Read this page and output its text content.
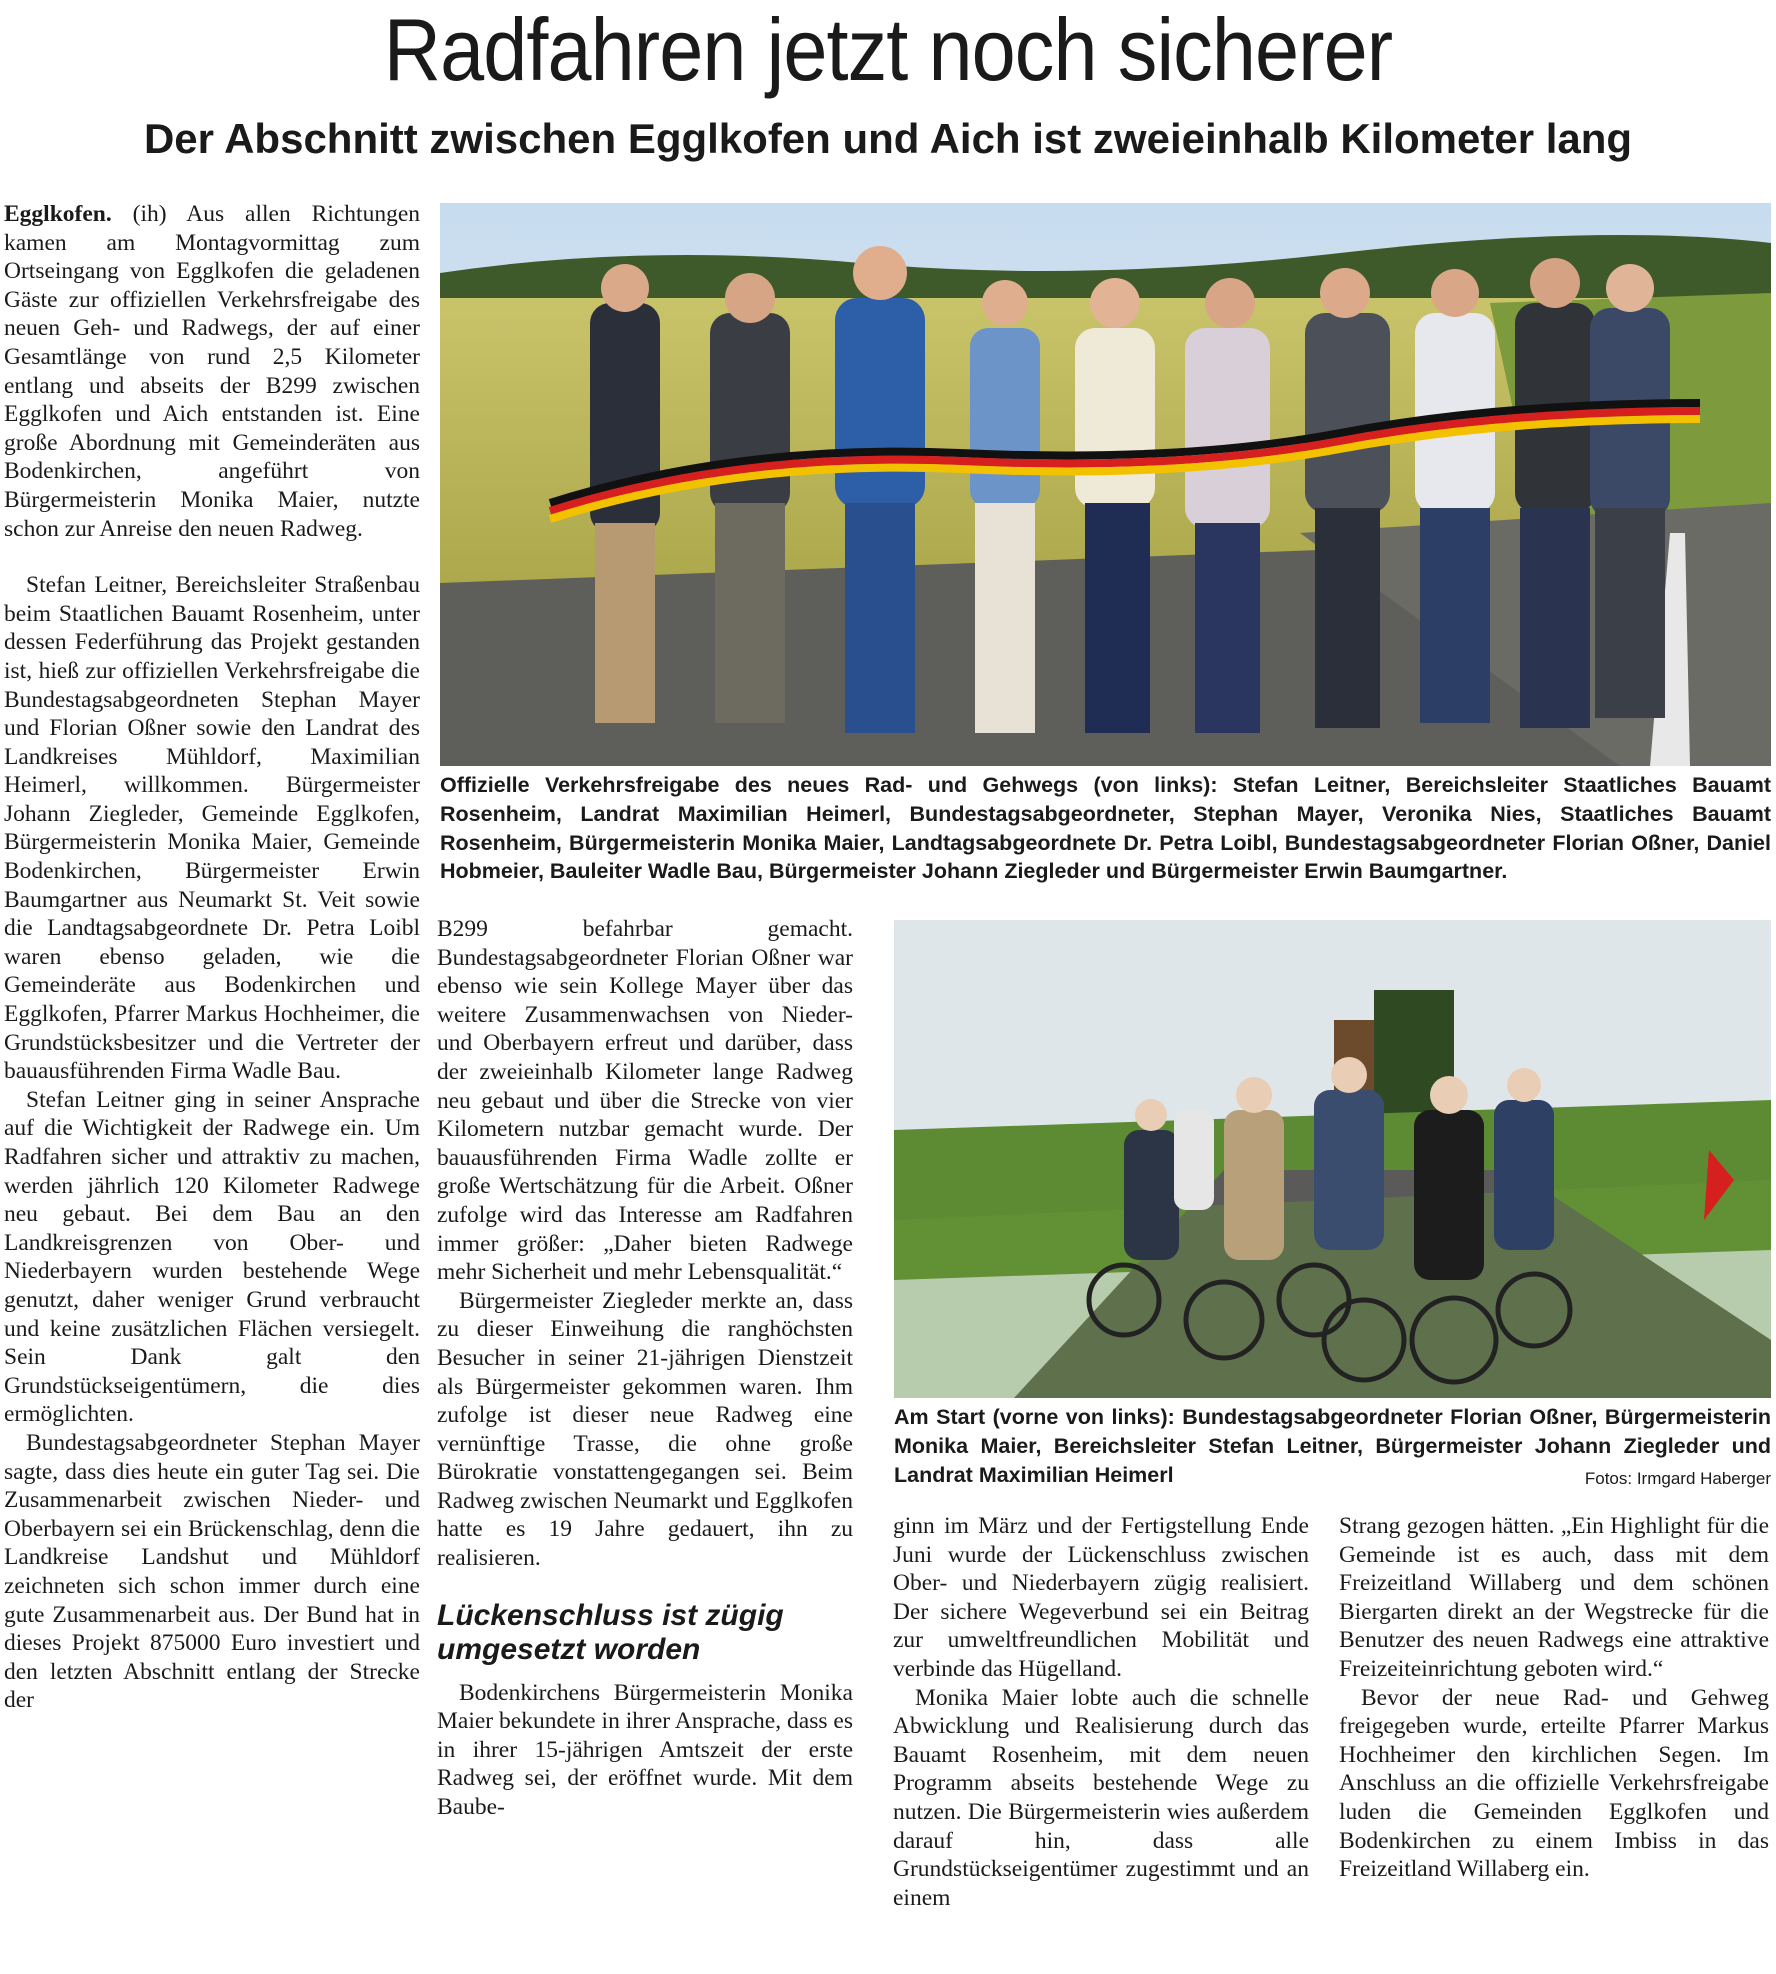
Radfahren jetzt noch sicherer
Der Abschnitt zwischen Egglkofen und Aich ist zweieinhalb Kilometer lang

Egglkofen. (ih) Aus allen Richtungen kamen am Montagvormittag zum Ortseingang von Egglkofen die geladenen Gäste zur offiziellen Verkehrsfreigabe des neuen Geh- und Radwegs, der auf einer Gesamtlänge von rund 2,5 Kilometer entlang und abseits der B299 zwischen Egglkofen und Aich entstanden ist. Eine große Abordnung mit Gemeinderäten aus Bodenkirchen, angeführt von Bürgermeisterin Monika Maier, nutzte schon zur Anreise den neuen Radweg.

Stefan Leitner, Bereichsleiter Straßenbau beim Staatlichen Bauamt Rosenheim, unter dessen Federführung das Projekt gestanden ist, hieß zur offiziellen Verkehrsfreigabe die Bundestagsabgeordneten Stephan Mayer und Florian Oßner sowie den Landrat des Landkreises Mühldorf, Maximilian Heimerl, willkommen. Bürgermeister Johann Ziegleder, Gemeinde Egglkofen, Bürgermeisterin Monika Maier, Gemeinde Bodenkirchen, Bürgermeister Erwin Baumgartner aus Neumarkt St. Veit sowie die Landtagsabgeordnete Dr. Petra Loibl waren ebenso geladen, wie die Gemeinderäte aus Bodenkirchen und Egglkofen, Pfarrer Markus Hochheimer, die Grundstücksbesitzer und die Vertreter der bauausführenden Firma Wadle Bau.

Stefan Leitner ging in seiner Ansprache auf die Wichtigkeit der Radwege ein. Um Radfahren sicher und attraktiv zu machen, werden jährlich 120 Kilometer Radwege neu gebaut. Bei dem Bau an den Landkreisgrenzen von Ober- und Niederbayern wurden bestehende Wege genutzt, daher weniger Grund verbraucht und keine zusätzlichen Flächen versiegelt. Sein Dank galt den Grundstückseigentümern, die dies ermöglichten.

Bundestagsabgeordneter Stephan Mayer sagte, dass dies heute ein guter Tag sei. Die Zusammenarbeit zwischen Nieder- und Oberbayern sei ein Brückenschlag, denn die Landkreise Landshut und Mühldorf zeichneten sich schon immer durch eine gute Zusammenarbeit aus. Der Bund hat in dieses Projekt 875000 Euro investiert und den letzten Abschnitt entlang der Strecke der

Offizielle Verkehrsfreigabe des neues Rad- und Gehwegs (von links): Stefan Leitner, Bereichsleiter Staatliches Bauamt Rosenheim, Landrat Maximilian Heimerl, Bundestagsabgeordneter, Stephan Mayer, Veronika Nies, Staatliches Bauamt Rosenheim, Bürgermeisterin Monika Maier, Landtagsabgeordnete Dr. Petra Loibl, Bundestagsabgeordneter Florian Oßner, Daniel Hobmeier, Bauleiter Wadle Bau, Bürgermeister Johann Ziegleder und Bürgermeister Erwin Baumgartner.

B299 befahrbar gemacht. Bundestagsabgeordneter Florian Oßner war ebenso wie sein Kollege Mayer über das weitere Zusammenwachsen von Nieder- und Oberbayern erfreut und darüber, dass der zweieinhalb Kilometer lange Radweg neu gebaut und über die Strecke von vier Kilometern nutzbar gemacht wurde. Der bauausführenden Firma Wadle zollte er große Wertschätzung für die Arbeit. Oßner zufolge wird das Interesse am Radfahren immer größer: „Daher bieten Radwege mehr Sicherheit und mehr Lebensqualität.“

Bürgermeister Ziegleder merkte an, dass zu dieser Einweihung die ranghöchsten Besucher in seiner 21-jährigen Dienstzeit als Bürgermeister gekommen waren. Ihm zufolge ist dieser neue Radweg eine vernünftige Trasse, die ohne große Bürokratie vonstattengegangen sei. Beim Radweg zwischen Neumarkt und Egglkofen hatte es 19 Jahre gedauert, ihn zu realisieren.

Lückenschluss ist zügig
umgesetzt worden

Bodenkirchens Bürgermeisterin Monika Maier bekundete in ihrer Ansprache, dass es in ihrer 15-jährigen Amtszeit der erste Radweg sei, der eröffnet wurde. Mit dem Baube-

Am Start (vorne von links): Bundestagsabgeordneter Florian Oßner, Bürgermeisterin Monika Maier, Bereichsleiter Stefan Leitner, Bürgermeister Johann Ziegleder und Landrat Maximilian Heimerl	Fotos: Irmgard Haberger

ginn im März und der Fertigstellung Ende Juni wurde der Lückenschluss zwischen Ober- und Niederbayern zügig realisiert. Der sichere Wegeverbund sei ein Beitrag zur umweltfreundlichen Mobilität und verbinde das Hügelland.

Monika Maier lobte auch die schnelle Abwicklung und Realisierung durch das Bauamt Rosenheim, mit dem neuen Programm abseits bestehende Wege zu nutzen. Die Bürgermeisterin wies außerdem darauf hin, dass alle Grundstückseigentümer zugestimmt und an einem

Strang gezogen hätten. „Ein Highlight für die Gemeinde ist es auch, dass mit dem Freizeitland Willaberg und dem schönen Biergarten direkt an der Wegstrecke für die Benutzer des neuen Radwegs eine attraktive Freizeiteinrichtung geboten wird.“

Bevor der neue Rad- und Gehweg freigegeben wurde, erteilte Pfarrer Markus Hochheimer den kirchlichen Segen. Im Anschluss an die offizielle Verkehrsfreigabe luden die Gemeinden Egglkofen und Bodenkirchen zu einem Imbiss in das Freizeitland Willaberg ein.
